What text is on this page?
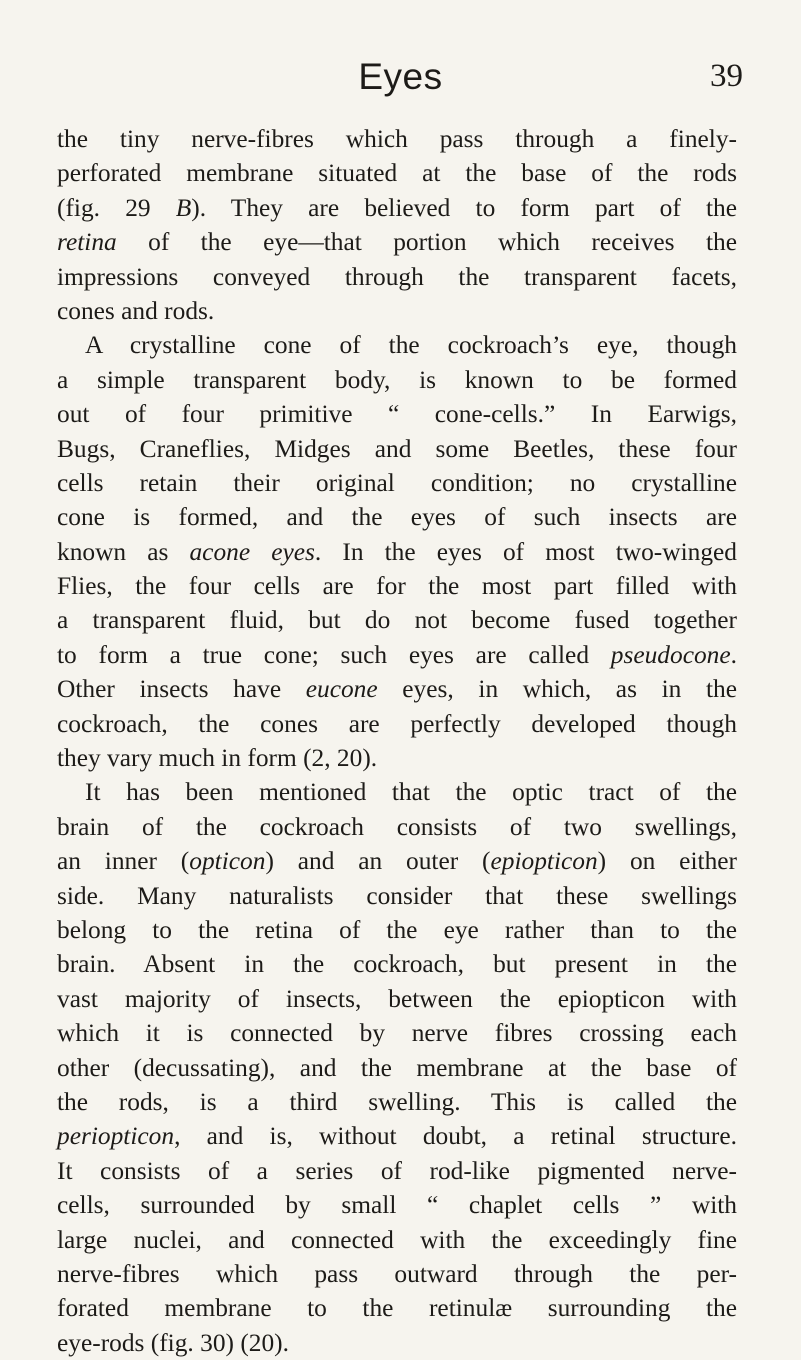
Eyes	39
the tiny nerve-fibres which pass through a finely-
perforated membrane situated at the base of the rods
(fig. 29 B). They are believed to form part of the
retina of the eye—that portion which receives the
impressions conveyed through the transparent facets,
cones and rods.
A crystalline cone of the cockroach’s eye, though
a simple transparent body, is known to be formed
out of four primitive “ cone-cells.” In Earwigs,
Bugs, Craneflies, Midges and some Beetles, these four
cells retain their original condition; no crystalline
cone is formed, and the eyes of such insects are
known as acone eyes. In the eyes of most two-winged
Flies, the four cells are for the most part filled with
a transparent fluid, but do not become fused together
to form a true cone; such eyes are called pseudocone.
Other insects have eucone eyes, in which, as in the
cockroach, the cones are perfectly developed though
they vary much in form (2, 20).
It has been mentioned that the optic tract of the
brain of the cockroach consists of two swellings,
an inner (opticon) and an outer (epiopticon) on either
side. Many naturalists consider that these swellings
belong to the retina of the eye rather than to the
brain. Absent in the cockroach, but present in the
vast majority of insects, between the epiopticon with
which it is connected by nerve fibres crossing each
other (decussating), and the membrane at the base of
the rods, is a third swelling. This is called the
periopticon, and is, without doubt, a retinal structure.
It consists of a series of rod-like pigmented nerve-
cells, surrounded by small “ chaplet cells ” with
large nuclei, and connected with the exceedingly fine
nerve-fibres which pass outward through the per-
forated membrane to the retinulæ surrounding the
eye-rods (fig. 30) (20).
